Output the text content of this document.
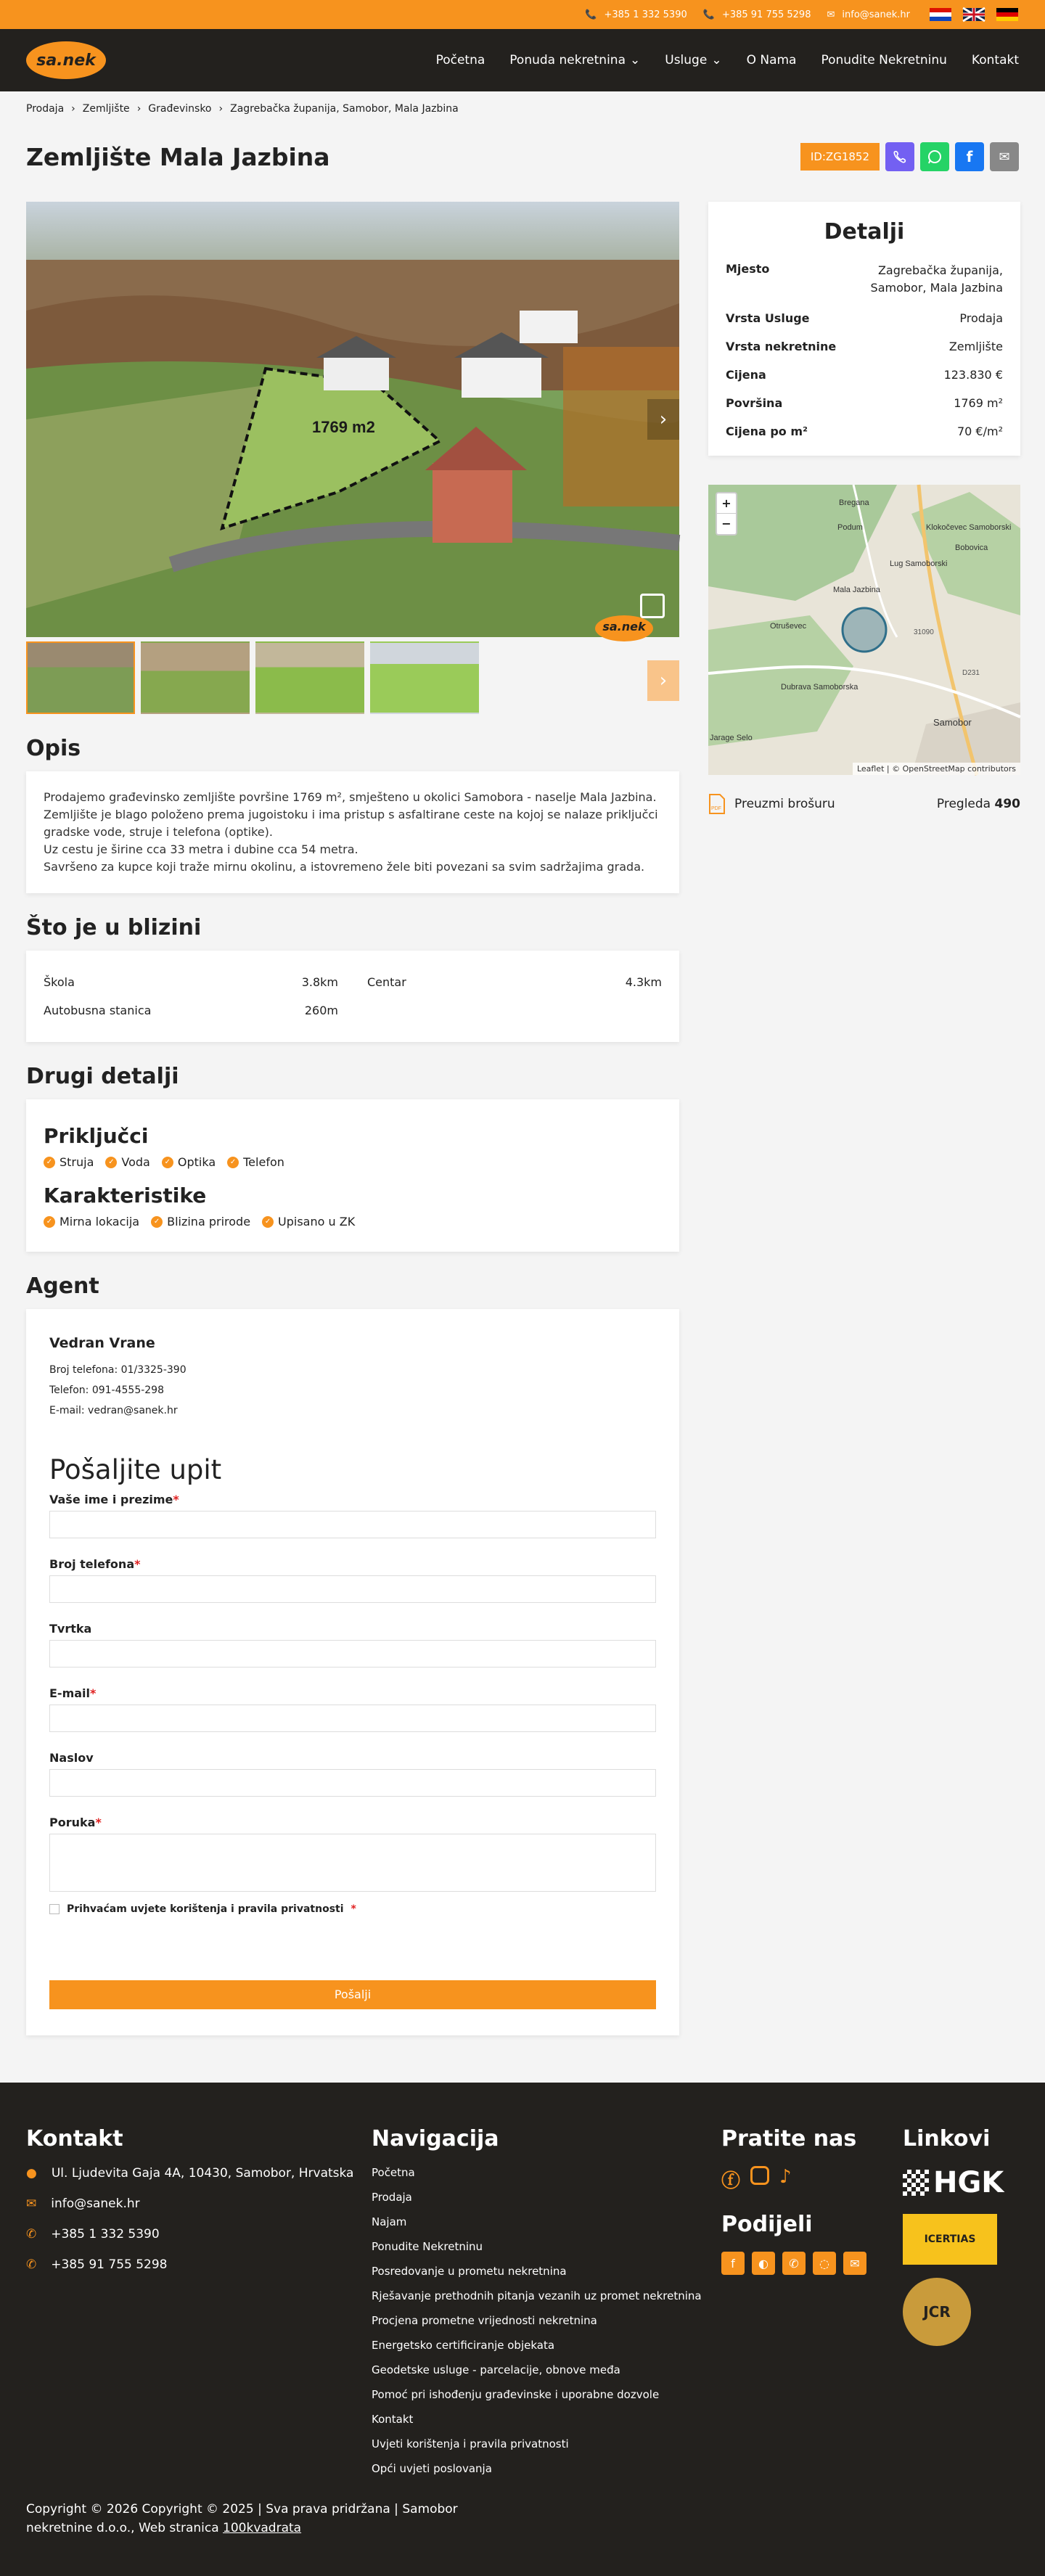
📞 +385 1 332 5390 📞 +385 91 755 5298 ✉ info@sanek.hr
sa.nek	Početna Ponuda nekretnina ⌄ Usluge ⌄ O Nama Ponudite Nekretninu Kontakt
Prodaja › Zemljište › Građevinsko › Zagrebačka županija, Samobor, Mala Jazbina
Zemljište Mala Jazbina	ID:ZG1852	f ✉
1769 m2	›
sa.nek
›
Opis

Prodajemo građevinsko zemljište površine 1769 m², smješteno u okolici Samobora - naselje Mala Jazbina.

Zemljište je blago položeno prema jugoistoku i ima pristup s asfaltirane ceste na kojoj se nalaze priključci gradske vode, struje i telefona (optike).

Uz cestu je širine cca 33 metra i dubine cca 54 metra.

Savršeno za kupce koji traže mirnu okolinu, a istovremeno žele biti povezani sa svim sadržajima grada.

Što je u blizini
Škola	3.8km	Centar	4.3km
Autobusna stanica	260m
Drugi detalji
Priključci
✓ Struja	✓ Voda	✓ Optika	✓ Telefon
Karakteristike
✓ Mirna lokacija	✓ Blizina prirode	✓ Upisano u ZK
Agent
Vedran Vrane
Broj telefona: 01/3325-390
Telefon: 091-4555-298
E-mail: vedran@sanek.hr
Pošaljite upit
Vaše ime i prezime*
Broj telefona*
Tvrtka
E-mail*
Naslov
Poruka*
Prihvaćam uvjete korištenja i pravila privatnosti *
Pošalji
Detalji
Mjesto	Zagrebačka županija, Samobor, Mala Jazbina
Vrsta Usluge	Prodaja
Vrsta nekretnine	Zemljište
Cijena	123.830 €
Površina	1769 m²
Cijena po m²	70 €/m²
Bregana
Podum	Klokočevec Samoborski
Bobovica
Lug Samoborski
Mala Jazbina
Otruševec
Dubrava Samoborska
Samobor
Jarage Selo
31090
D231
+
−
Leaflet | © OpenStreetMap contributors
PDF Preuzmi brošuru	Pregleda 490
Kontakt
● Ul. Ljudevita Gaja 4A, 10430, Samobor, Hrvatska
✉ info@sanek.hr
✆ +385 1 332 5390
✆ +385 91 755 5298
Navigacija
Početna
Prodaja
Najam
Ponudite Nekretninu
Posredovanje u prometu nekretnina
Rješavanje prethodnih pitanja vezanih uz promet nekretnina
Procjena prometne vrijednosti nekretnina
Energetsko certificiranje objekata
Geodetske usluge - parcelacije, obnove međa
Pomoć pri ishođenju građevinske i uporabne dozvole
Kontakt
Uvjeti korištenja i pravila privatnosti
Opći uvjeti poslovanja
Pratite nas
ⓕ ♪
Podijeli
f	◐	✆	◌	✉
Linkovi
HGK
ICERTIAS
JCR
Copyright © 2026 Copyright © 2025 | Sva prava pridržana | Samobor nekretnine d.o.o., Web stranica 100kvadrata
